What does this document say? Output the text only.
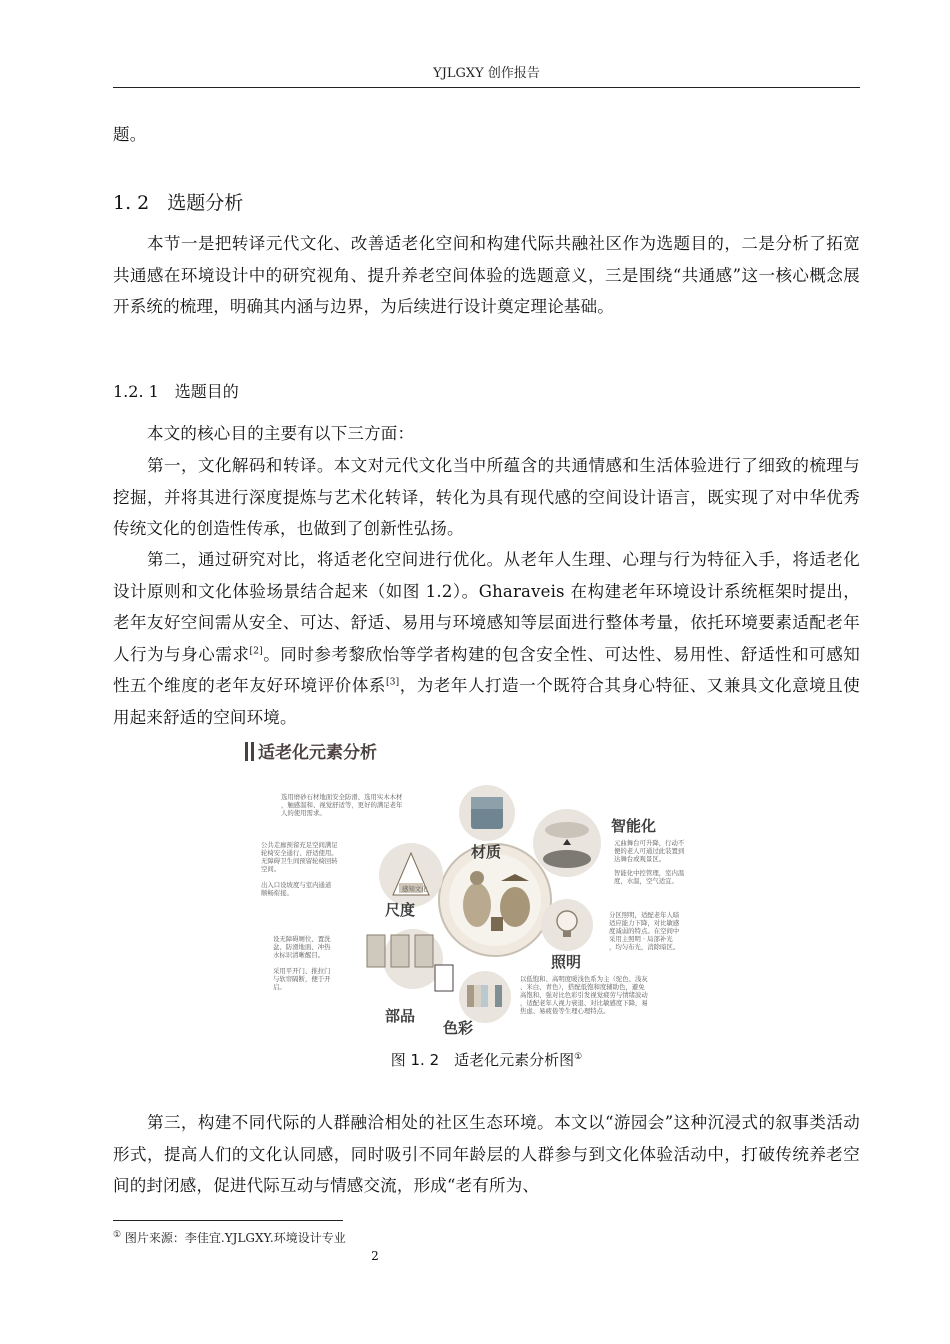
YJLGXY 创作报告
题。
1. 2 选题分析
本节一是把转译元代文化、改善适老化空间和构建代际共融社区作为选题目的，二是分析了拓宽共通感在环境设计中的研究视角、提升养老空间体验的选题意义，三是围绕“共通感”这一核心概念展开系统的梳理，明确其内涵与边界，为后续进行设计奠定理论基础。
1.2. 1 选题目的
本文的核心目的主要有以下三方面：
第一，文化解码和转译。本文对元代文化当中所蕴含的共通情感和生活体验进行了细致的梳理与挖掘，并将其进行深度提炼与艺术化转译，转化为具有现代感的空间设计语言，既实现了对中华优秀传统文化的创造性传承，也做到了创新性弘扬。
第二，通过研究对比，将适老化空间进行优化。从老年人生理、心理与行为特征入手，将适老化设计原则和文化体验场景结合起来（如图 1.2）。Gharaveis 在构建老年环境设计系统框架时提出，老年友好空间需从安全、可达、舒适、易用与环境感知等层面进行整体考量，依托环境要素适配老年人行为与身心需求[2]。同时参考黎欣怡等学者构建的包含安全性、可达性、易用性、舒适性和可感知性五个维度的老年友好环境评价体系[3]，为老年人打造一个既符合其身心特征、又兼具文化意境且使用起来舒适的空间环境。
适老化元素分析
材质
选用磨砂石材地面安全防滑、选用实木木材 ，触感温和、视觉舒适等，更好的满足老年 人的使用需求。
感知文化
尺度
公共走廊预留充足空间满足 轮椅安全通行、舒适使用。 无障碍卫生间预留轮椅回转 空间。
出入口设坡度与室内通道 顺畅衔接。
部品
设无障碍厕位、置洗 盆、防滑地面、冲热 水标识清晰醒目。
采用平开门、推拉门 与软帘隔断，便于开 启。
色彩
以低饱和、高明度暖浅色系为主（驼色、浅灰 、米白、青色），搭配低饱和度辅助色，避免 高饱和、强对比色彩引发视觉疲劳与情绪波动 ，适配老年人视力衰退、对比敏感度下降，易 焦虑、易疲倦等生理心理特点。
智能化
元曲舞台可升降，行动不 便的老人可通过此装置到 达舞台或观景区。
智能化中控管理，室内温 度，水温，空气适宜。
照明
分区照明，适配老年人暗 适应能力下降，对比敏感 度减弱的特点。在空间中 采用主照明 · 局部补光 ，均匀布光，消除暗区。
图 1. 2　适老化元素分析图①
第三，构建不同代际的人群融洽相处的社区生态环境。本文以“游园会”这种沉浸式的叙事类活动形式，提高人们的文化认同感，同时吸引不同年龄层的人群参与到文化体验活动中，打破传统养老空间的封闭感，促进代际互动与情感交流，形成“老有所为、
① 图片来源：李佳宜.YJLGXY.环境设计专业
2
